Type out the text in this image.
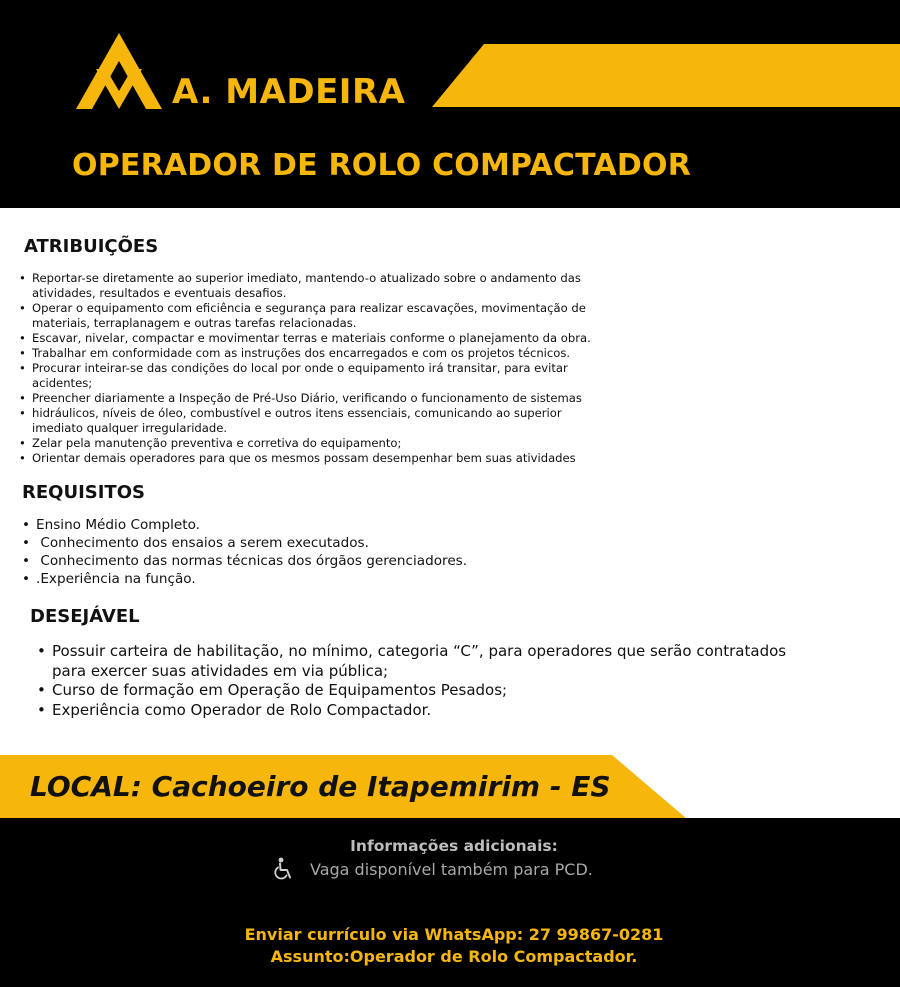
A. MADEIRA
OPERADOR DE ROLO COMPACTADOR
ATRIBUIÇÕES
• Reportar-se diretamente ao superior imediato, mantendo-o atualizado sobre o andamento das atividades, resultados e eventuais desafios.
• Operar o equipamento com eficiência e segurança para realizar escavações, movimentação de materiais, terraplanagem e outras tarefas relacionadas.
• Escavar, nivelar, compactar e movimentar terras e materiais conforme o planejamento da obra.
• Trabalhar em conformidade com as instruções dos encarregados e com os projetos técnicos.
• Procurar inteirar-se das condições do local por onde o equipamento irá transitar, para evitar acidentes;
• Preencher diariamente a Inspeção de Pré-Uso Diário, verificando o funcionamento de sistemas
• hidráulicos, níveis de óleo, combustível e outros itens essenciais, comunicando ao superior imediato qualquer irregularidade.
• Zelar pela manutenção preventiva e corretiva do equipamento;
• Orientar demais operadores para que os mesmos possam desempenhar bem suas atividades
REQUISITOS
• Ensino Médio Completo.
•  Conhecimento dos ensaios a serem executados.
•  Conhecimento das normas técnicas dos órgãos gerenciadores.
• .Experiência na função.
DESEJÁVEL
• Possuir carteira de habilitação, no mínimo, categoria “C”, para operadores que serão contratados para exercer suas atividades em via pública;
• Curso de formação em Operação de Equipamentos Pesados;
• Experiência como Operador de Rolo Compactador.
LOCAL: Cachoeiro de Itapemirim - ES
Informações adicionais:
Vaga disponível também para PCD.
Enviar currículo via WhatsApp: 27 99867-0281
Assunto:Operador de Rolo Compactador.
